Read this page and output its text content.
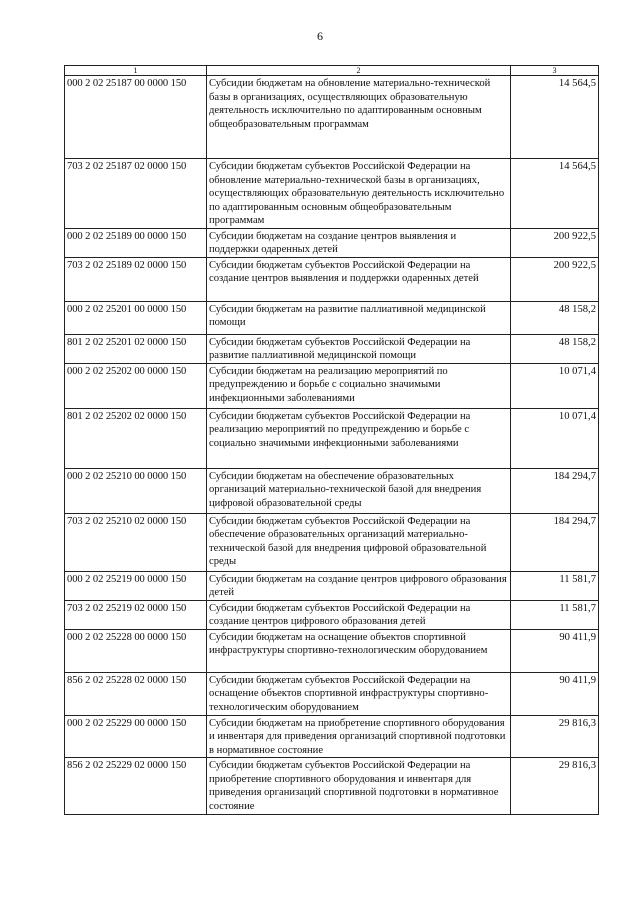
6
1	2	3
000 2 02 25187 00 0000 150	Субсидии бюджетам на обновление материально-технической базы в организациях, осуществляющих образовательную деятельность исключительно по адаптированным основным общеобразовательным программам	14 564,5
703 2 02 25187 02 0000 150	Субсидии бюджетам субъектов Российской Федерации на обновление материально-технической базы в организациях, осуществляющих образовательную деятельность исключительно по адаптированным основным общеобразовательным программам	14 564,5
000 2 02 25189 00 0000 150	Субсидии бюджетам на создание центров выявления и поддержки одаренных детей	200 922,5
703 2 02 25189 02 0000 150	Субсидии бюджетам субъектов Российской Федерации на создание центров выявления и поддержки одаренных детей	200 922,5
000 2 02 25201 00 0000 150	Субсидии бюджетам на развитие паллиативной медицинской помощи	48 158,2
801 2 02 25201 02 0000 150	Субсидии бюджетам субъектов Российской Федерации на развитие паллиативной медицинской помощи	48 158,2
000 2 02 25202 00 0000 150	Субсидии бюджетам на реализацию мероприятий по предупреждению и борьбе с социально значимыми инфекционными заболеваниями	10 071,4
801 2 02 25202 02 0000 150	Субсидии бюджетам субъектов Российской Федерации на реализацию мероприятий по предупреждению и борьбе с социально значимыми инфекционными заболеваниями	10 071,4
000 2 02 25210 00 0000 150	Субсидии бюджетам на обеспечение образовательных организаций материально-технической базой для внедрения цифровой образовательной среды	184 294,7
703 2 02 25210 02 0000 150	Субсидии бюджетам субъектов Российской Федерации на обеспечение образовательных организаций материально-технической базой для внедрения цифровой образовательной среды	184 294,7
000 2 02 25219 00 0000 150	Субсидии бюджетам на создание центров цифрового образования детей	11 581,7
703 2 02 25219 02 0000 150	Субсидии бюджетам субъектов Российской Федерации на создание центров цифрового образования детей	11 581,7
000 2 02 25228 00 0000 150	Субсидии бюджетам на оснащение объектов спортивной инфраструктуры спортивно-технологическим оборудованием	90 411,9
856 2 02 25228 02 0000 150	Субсидии бюджетам субъектов Российской Федерации на оснащение объектов спортивной инфраструктуры спортивно-технологическим оборудованием	90 411,9
000 2 02 25229 00 0000 150	Субсидии бюджетам на приобретение спортивного оборудования и инвентаря для приведения организаций спортивной подготовки в нормативное состояние	29 816,3
856 2 02 25229 02 0000 150	Субсидии бюджетам субъектов Российской Федерации на приобретение спортивного оборудования и инвентаря для приведения организаций спортивной подготовки в нормативное состояние	29 816,3
